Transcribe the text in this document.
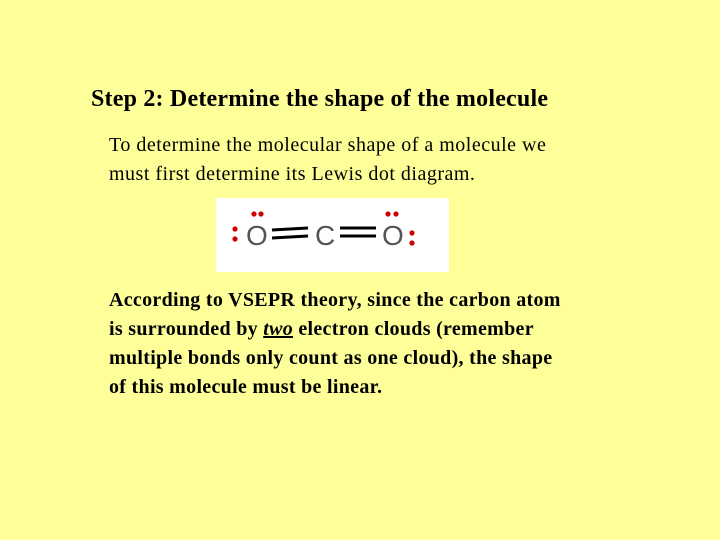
Step 2: Determine the shape of the molecule

To determine the molecular shape of a molecule we
must first determine its Lewis dot diagram.

O C O

According to VSEPR theory, since the carbon atom
is surrounded by two electron clouds (remember
multiple bonds only count as one cloud), the shape
of this molecule must be linear.
